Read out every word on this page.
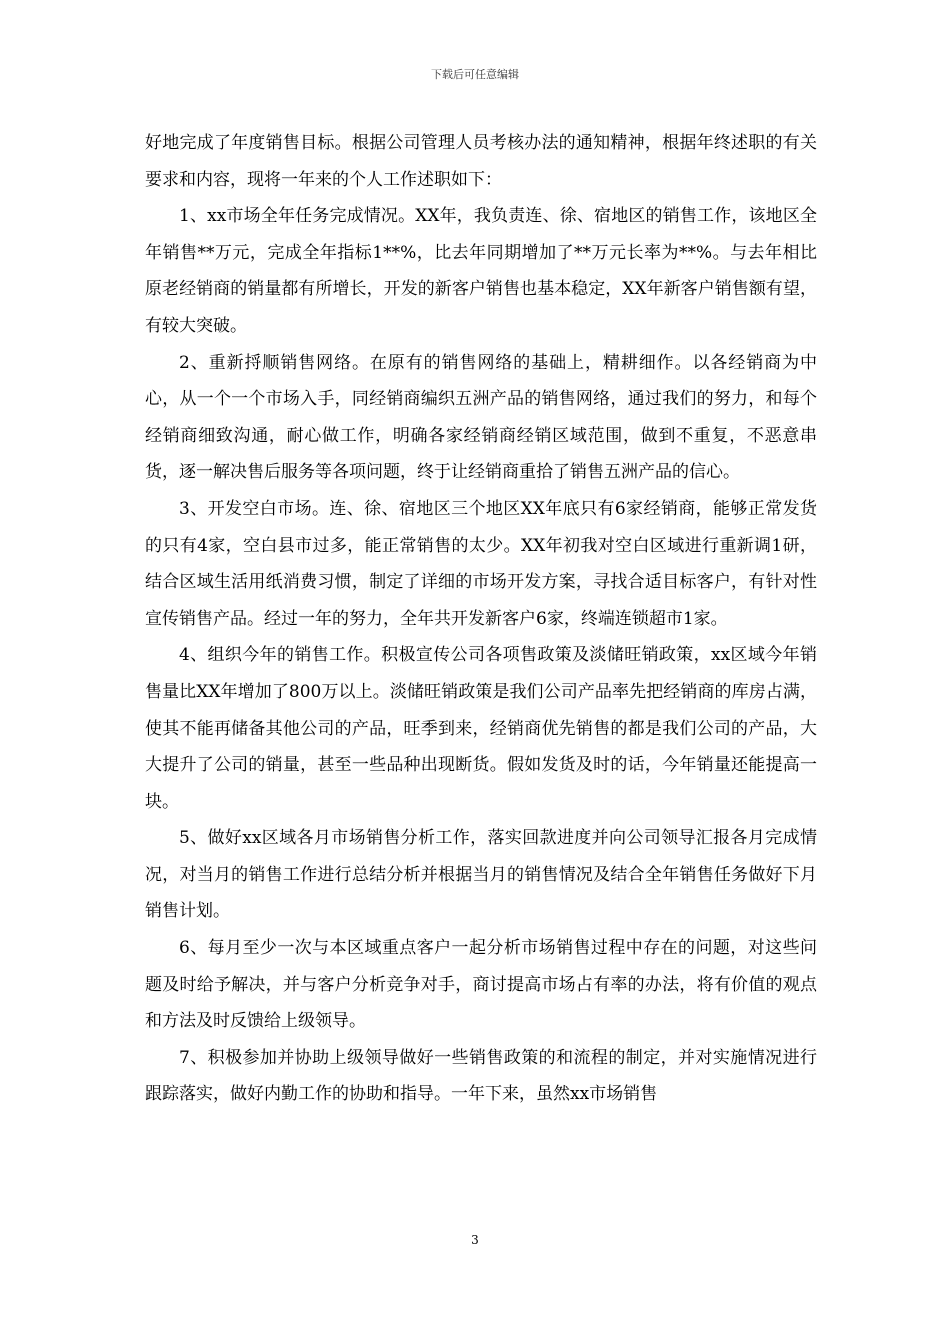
下载后可任意编辑

好地完成了年度销售目标。根据公司管理人员考核办法的通知精神，根据年终述职的有关要求和内容，现将一年来的个人工作述职如下：

1、xx市场全年任务完成情况。XX年，我负责连、徐、宿地区的销售工作，该地区全年销售**万元，完成全年指标1**%，比去年同期增加了**万元长率为**%。与去年相比原老经销商的销量都有所增长，开发的新客户销售也基本稳定，XX年新客户销售额有望，有较大突破。

2、重新捋顺销售网络。在原有的销售网络的基础上，精耕细作。以各经销商为中心，从一个一个市场入手，同经销商编织五洲产品的销售网络，通过我们的努力，和每个经销商细致沟通，耐心做工作，明确各家经销商经销区域范围，做到不重复，不恶意串货，逐一解决售后服务等各项问题，终于让经销商重拾了销售五洲产品的信心。

3、开发空白市场。连、徐、宿地区三个地区XX年底只有6家经销商，能够正常发货的只有4家，空白县市过多，能正常销售的太少。XX年初我对空白区域进行重新调1研，结合区域生活用纸消费习惯，制定了详细的市场开发方案，寻找合适目标客户，有针对性宣传销售产品。经过一年的努力，全年共开发新客户6家，终端连锁超市1家。

4、组织今年的销售工作。积极宣传公司各项售政策及淡储旺销政策，xx区域今年销售量比XX年增加了800万以上。淡储旺销政策是我们公司产品率先把经销商的库房占满，使其不能再储备其他公司的产品，旺季到来，经销商优先销售的都是我们公司的产品，大大提升了公司的销量，甚至一些品种出现断货。假如发货及时的话，今年销量还能提高一块。

5、做好xx区域各月市场销售分析工作，落实回款进度并向公司领导汇报各月完成情况，对当月的销售工作进行总结分析并根据当月的销售情况及结合全年销售任务做好下月销售计划。

6、每月至少一次与本区域重点客户一起分析市场销售过程中存在的问题，对这些问题及时给予解决，并与客户分析竞争对手，商讨提高市场占有率的办法，将有价值的观点和方法及时反馈给上级领导。

7、积极参加并协助上级领导做好一些销售政策的和流程的制定，并对实施情况进行跟踪落实，做好内勤工作的协助和指导。一年下来，虽然xx市场销售

3
